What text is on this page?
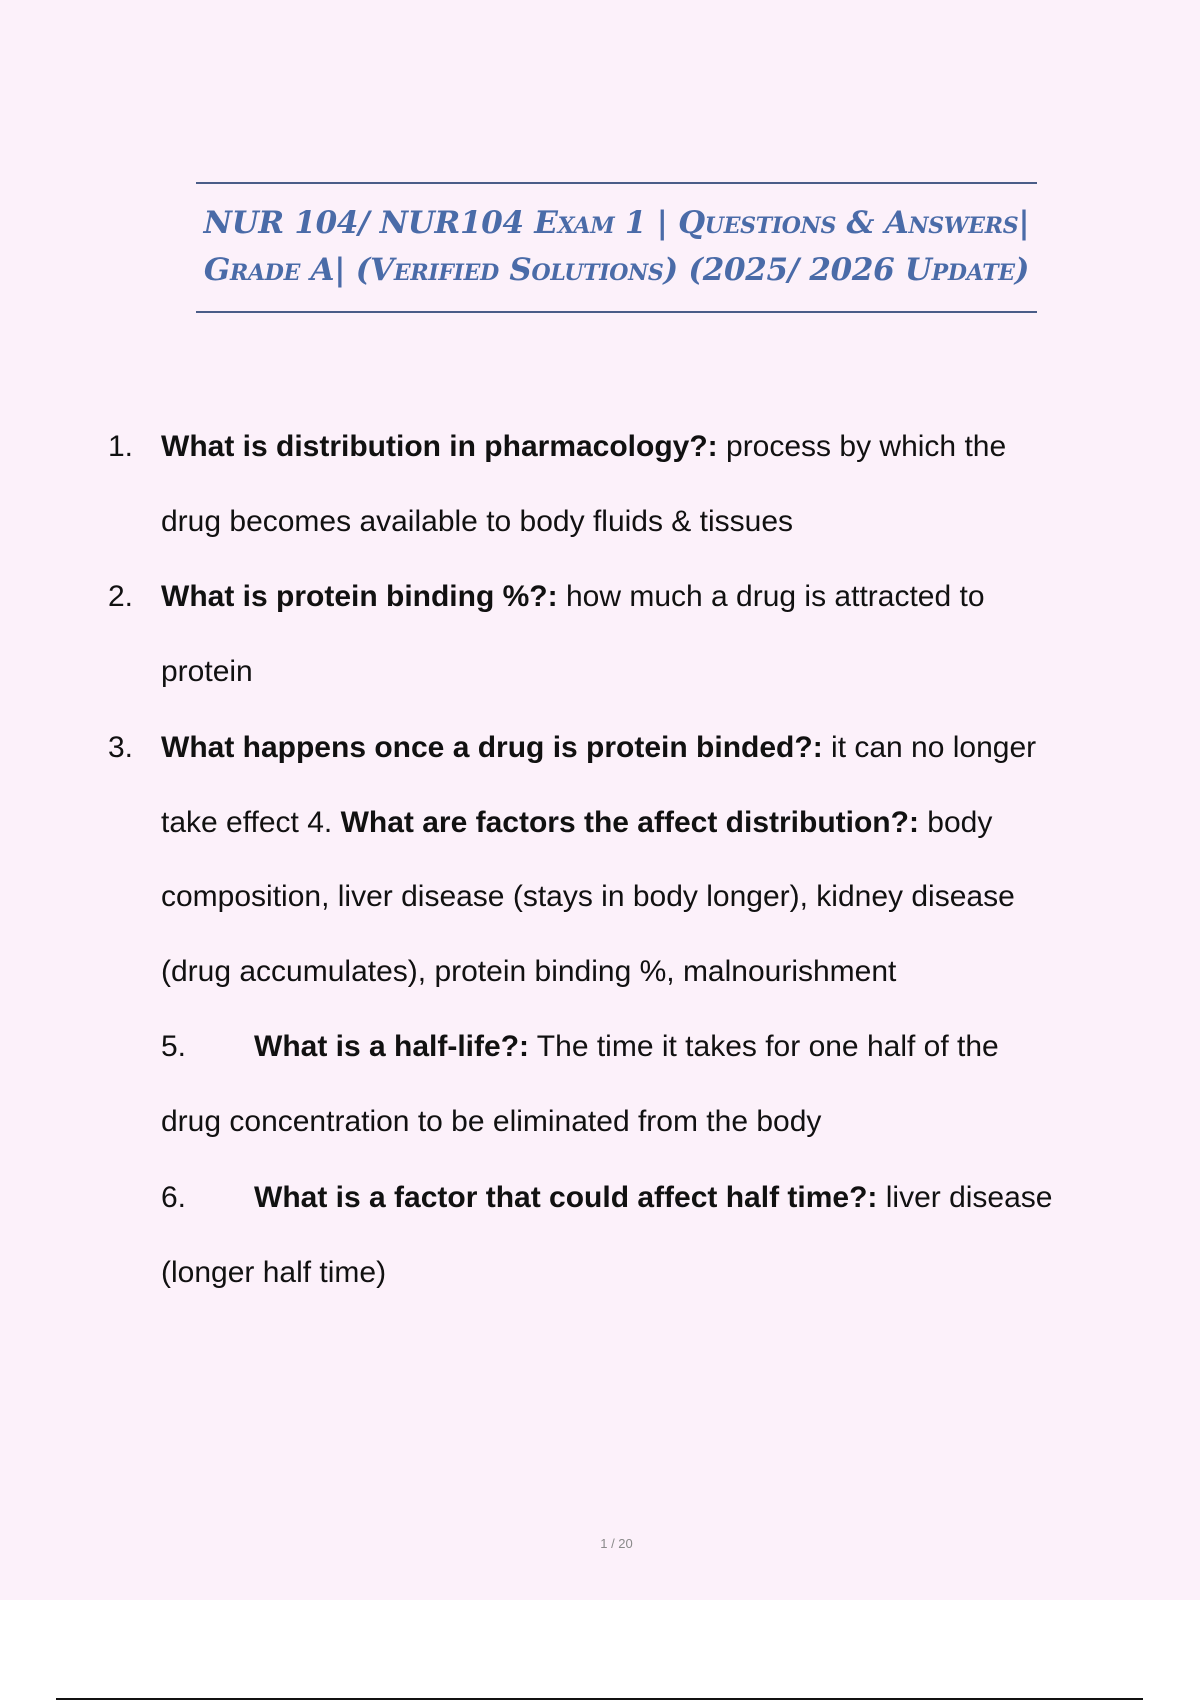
NUR 104/ NUR104 Exam 1 | Questions & Answers|
Grade A| (Verified Solutions) (2025/ 2026 Update)
1. What is distribution in pharmacology?: process by which the
drug becomes available to body fluids & tissues
2. What is protein binding %?: how much a drug is attracted to
protein
3. What happens once a drug is protein binded?: it can no longer
take effect 4. What are factors the affect distribution?: body
composition, liver disease (stays in body longer), kidney disease
(drug accumulates), protein binding %, malnourishment
5. What is a half-life?: The time it takes for one half of the
drug concentration to be eliminated from the body
6. What is a factor that could affect half time?: liver disease
(longer half time)
1 / 20
